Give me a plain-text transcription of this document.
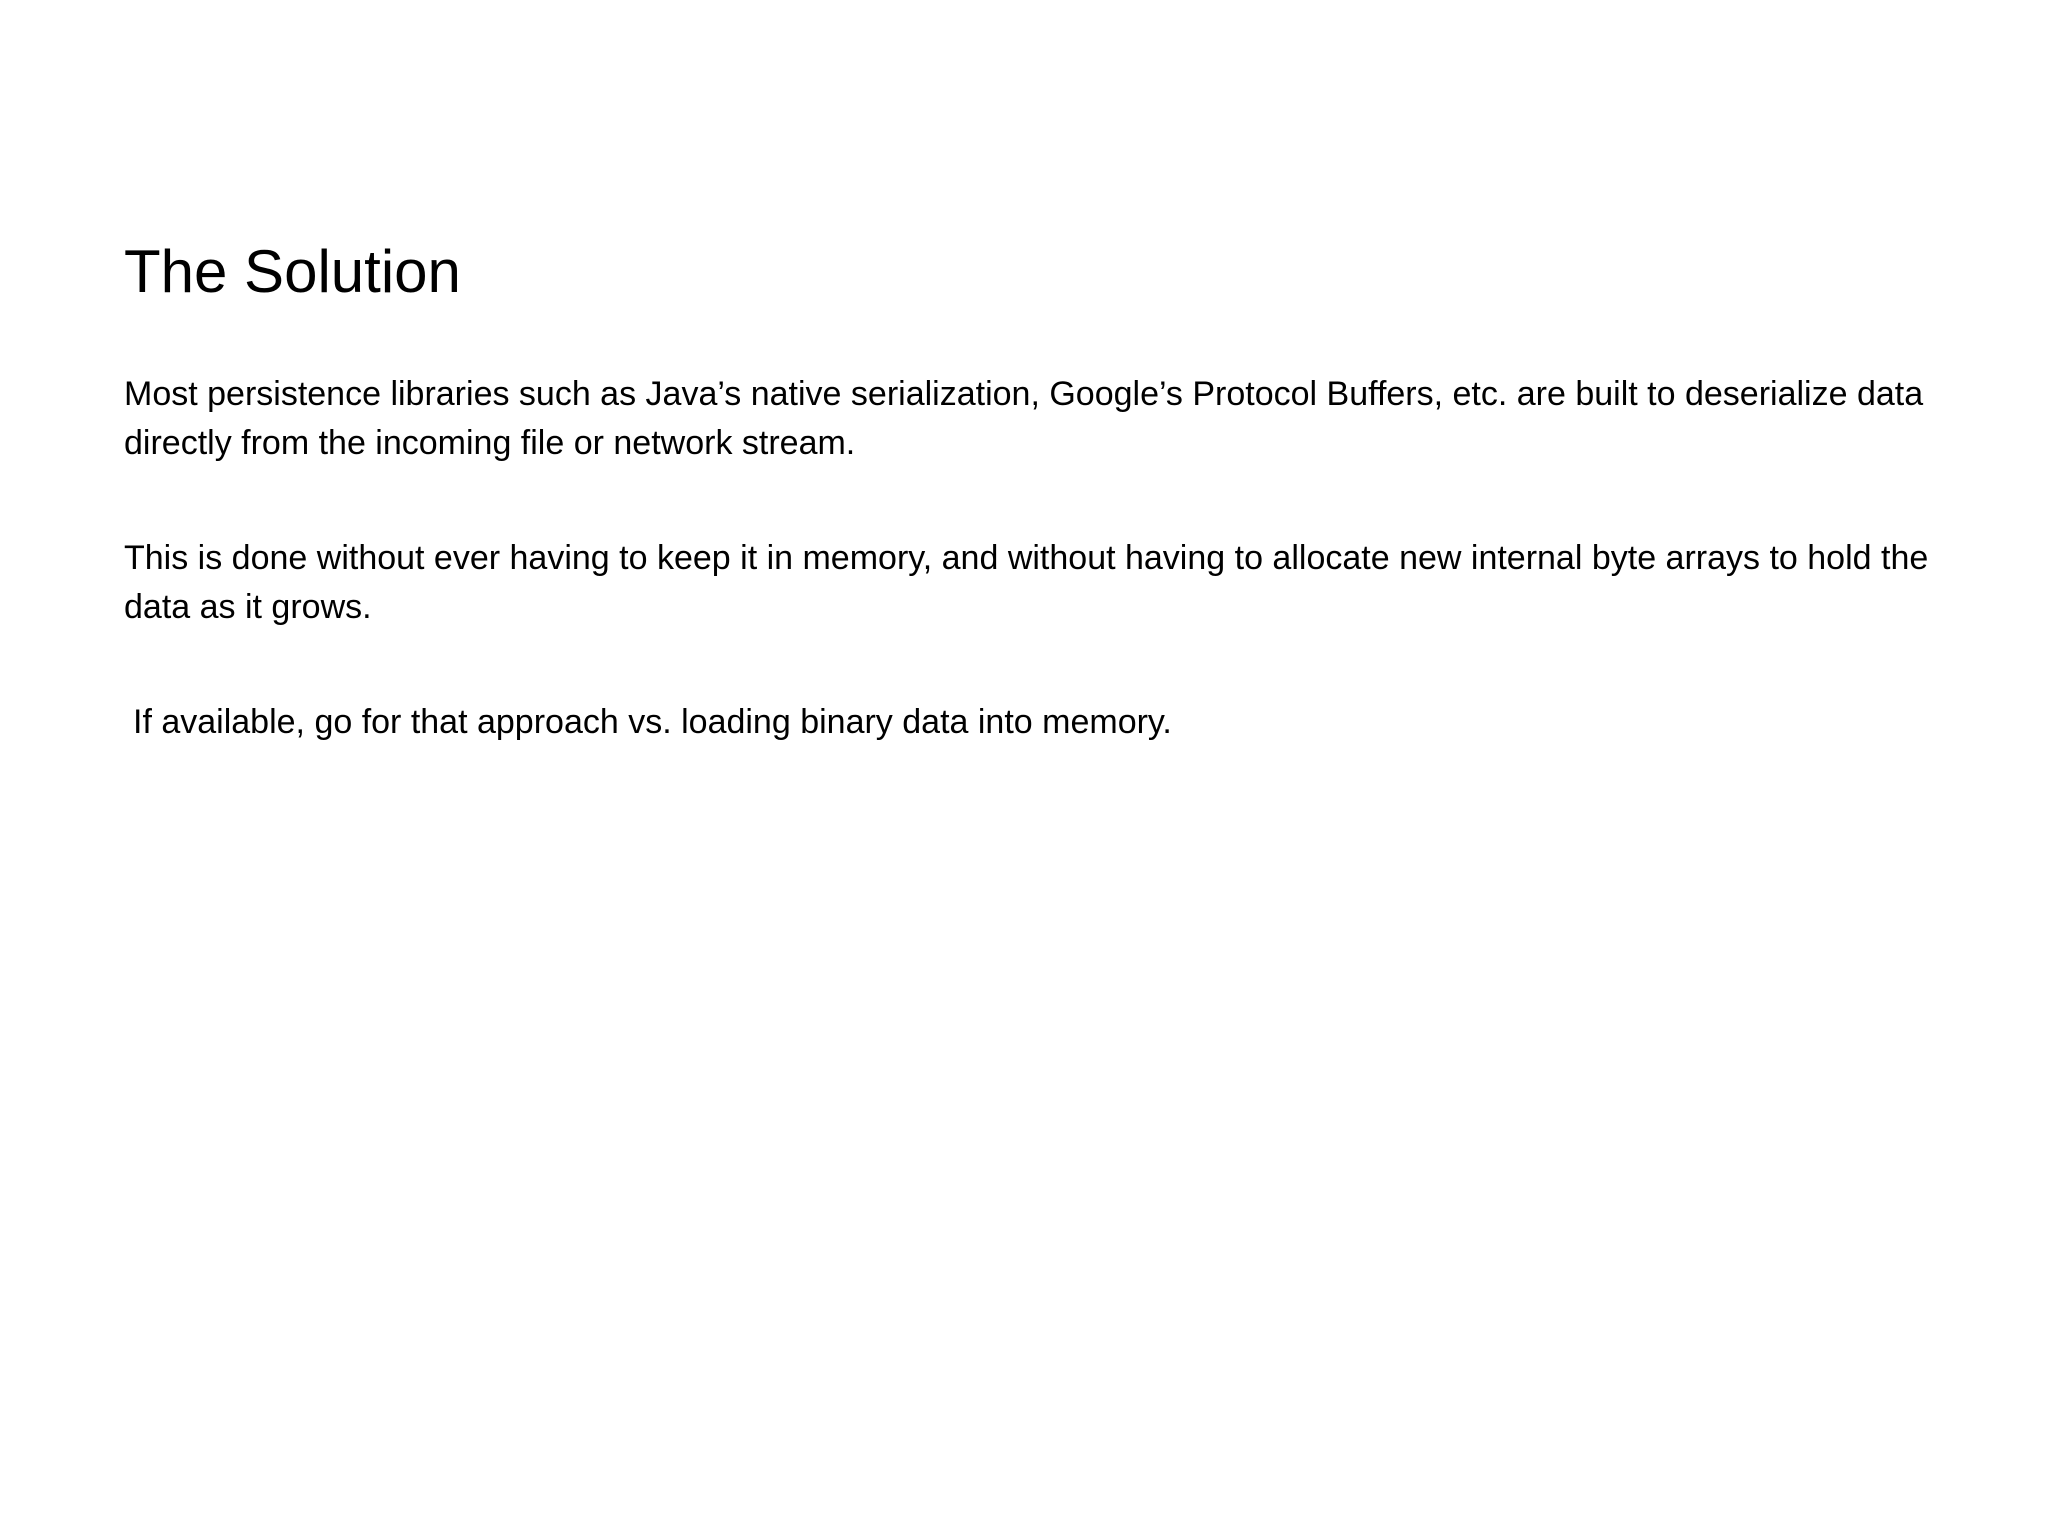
The Solution

Most persistence libraries such as Java’s native serialization, Google’s Protocol Buffers, etc. are built to deserialize data directly from the incoming file or network stream.

This is done without ever having to keep it in memory, and without having to allocate new internal byte arrays to hold the data as it grows.

If available, go for that approach vs. loading binary data into memory.
